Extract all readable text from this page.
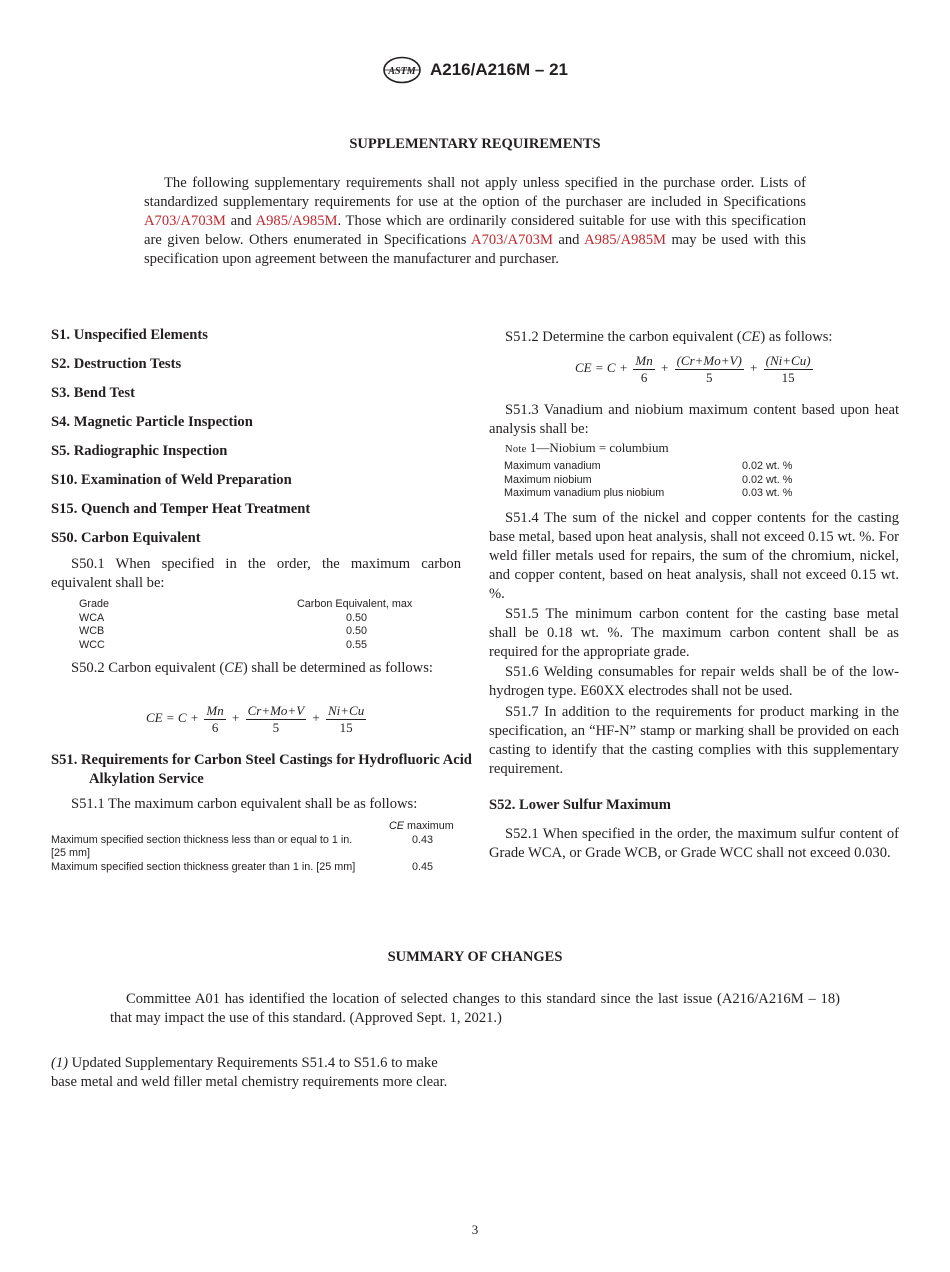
ASTM A216/A216M – 21
SUPPLEMENTARY REQUIREMENTS
The following supplementary requirements shall not apply unless specified in the purchase order. Lists of standardized supplementary requirements for use at the option of the purchaser are included in Specifications A703/A703M and A985/A985M. Those which are ordinarily considered suitable for use with this specification are given below. Others enumerated in Specifications A703/A703M and A985/A985M may be used with this specification upon agreement between the manufacturer and purchaser.
S1. Unspecified Elements
S2. Destruction Tests
S3. Bend Test
S4. Magnetic Particle Inspection
S5. Radiographic Inspection
S10. Examination of Weld Preparation
S15. Quench and Temper Heat Treatment
S50. Carbon Equivalent
S50.1 When specified in the order, the maximum carbon equivalent shall be:
Grade	Carbon Equivalent, max
WCA	0.50
WCB	0.50
WCC	0.55
S50.2 Carbon equivalent (CE) shall be determined as follows:
CE = $C + \frac{Mn}{6} + \frac{Cr+Mo+V}{5} + \frac{Ni+Cu}{15}$
S51. Requirements for Carbon Steel Castings for Hydrofluoric Acid Alkylation Service
S51.1 The maximum carbon equivalent shall be as follows:
CE maximum
Maximum specified section thickness less than or equal to 1 in.	0.43
[25 mm]
Maximum specified section thickness greater than 1 in. [25 mm]	0.45
S51.2 Determine the carbon equivalent (CE) as follows:
CE = $C + \frac{Mn}{6} + \frac{(Cr+Mo+V)}{5} + \frac{(Ni+Cu)}{15}$
S51.3 Vanadium and niobium maximum content based upon heat analysis shall be:
Note 1—Niobium = columbium
Maximum vanadium	0.02 wt. %
Maximum niobium	0.02 wt. %
Maximum vanadium plus niobium	0.03 wt. %
S51.4 The sum of the nickel and copper contents for the casting base metal, based upon heat analysis, shall not exceed 0.15 wt. %. For weld filler metals used for repairs, the sum of the chromium, nickel, and copper content, based on heat analysis, shall not exceed 0.15 wt. %.
S51.5 The minimum carbon content for the casting base metal shall be 0.18 wt. %. The maximum carbon content shall be as required for the appropriate grade.
S51.6 Welding consumables for repair welds shall be of the low-hydrogen type. E60XX electrodes shall not be used.
S51.7 In addition to the requirements for product marking in the specification, an “HF-N” stamp or marking shall be provided on each casting to identify that the casting complies with this supplementary requirement.
S52. Lower Sulfur Maximum
S52.1 When specified in the order, the maximum sulfur content of Grade WCA, or Grade WCB, or Grade WCC shall not exceed 0.030.
SUMMARY OF CHANGES
Committee A01 has identified the location of selected changes to this standard since the last issue (A216/A216M – 18) that may impact the use of this standard. (Approved Sept. 1, 2021.)
(1) Updated Supplementary Requirements S51.4 to S51.6 to make base metal and weld filler metal chemistry requirements more clear.
3
